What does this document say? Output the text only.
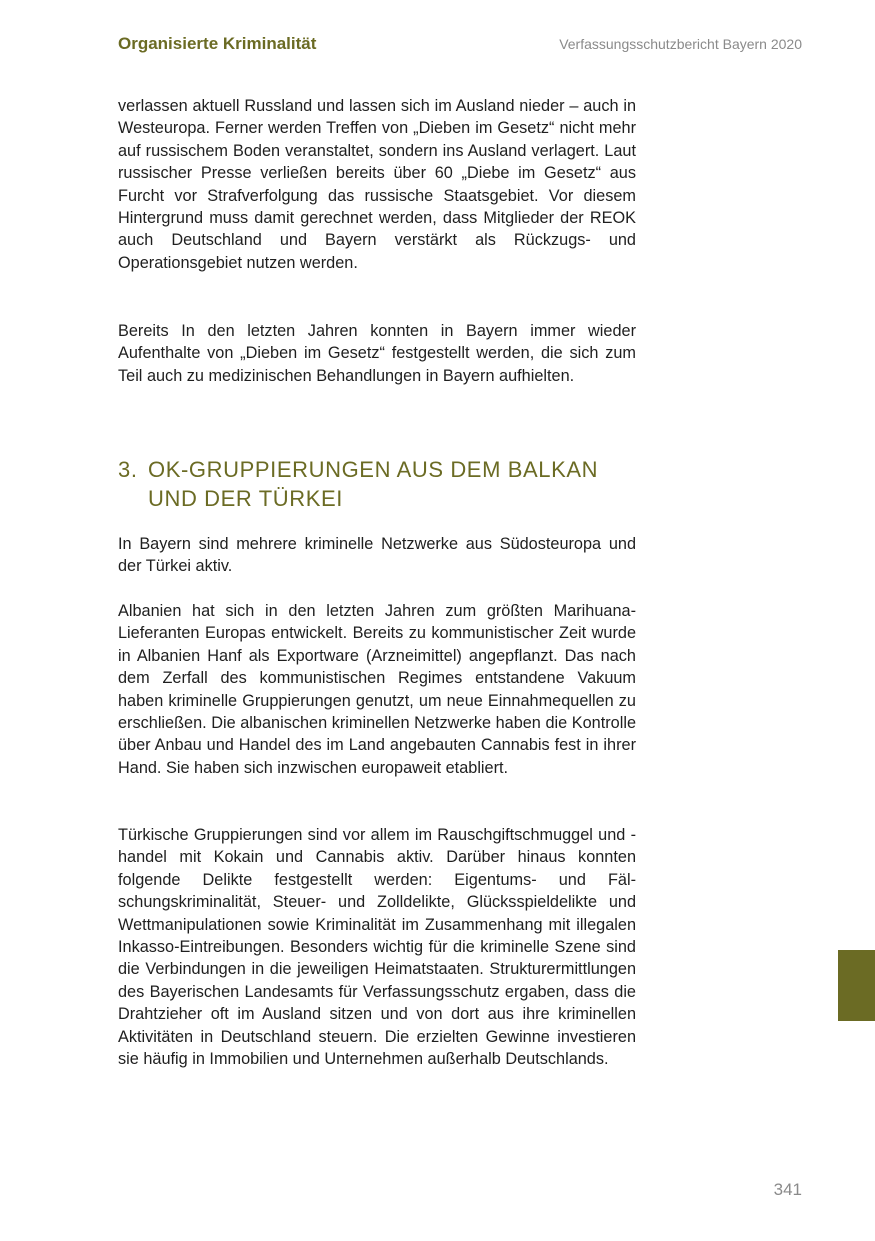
Organisierte Kriminalität	Verfassungsschutzbericht Bayern 2020

verlassen aktuell Russland und lassen sich im Ausland nieder – auch in Westeuropa. Ferner werden Treffen von „Dieben im Gesetz“ nicht mehr auf russischem Boden veranstaltet, sondern ins Ausland verlagert. Laut russischer Presse verließen bereits über 60 „Diebe im Gesetz“ aus Furcht vor Strafverfolgung das russische Staatsgebiet. Vor diesem Hintergrund muss damit gerechnet werden, dass Mitglieder der REOK auch Deutschland und Bayern verstärkt als Rückzugs- und Operationsgebiet nutzen werden.

Bereits In den letzten Jahren konnten in Bayern immer wieder Aufenthalte von „Dieben im Gesetz“ festgestellt werden, die sich zum Teil auch zu medizinischen Behandlungen in Bayern aufhielten.

3. OK-GRUPPIERUNGEN AUS DEM BALKAN
UND DER TÜRKEI

In Bayern sind mehrere kriminelle Netzwerke aus Südosteuropa und der Türkei aktiv.

Albanien hat sich in den letzten Jahren zum größten Marihuana-Lieferanten Europas entwickelt. Bereits zu kommunistischer Zeit wurde in Albanien Hanf als Exportware (Arzneimittel) angepflanzt. Das nach dem Zerfall des kommunistischen Regimes entstandene Vakuum haben kriminelle Gruppierungen genutzt, um neue Einnahmequellen zu erschließen. Die albanischen kriminellen Netzwerke haben die Kontrolle über Anbau und Handel des im Land angebauten Cannabis fest in ihrer Hand. Sie haben sich inzwischen europaweit etabliert.

Türkische Gruppierungen sind vor allem im Rauschgiftschmuggel und -handel mit Kokain und Cannabis aktiv. Darüber hinaus konnten folgende Delikte festgestellt werden: Eigentums- und Fälschungskriminalität, Steuer- und Zolldelikte, Glücksspieldelikte und Wettmanipulationen sowie Kriminalität im Zusammenhang mit illegalen Inkasso-Eintreibungen. Besonders wichtig für die kriminelle Szene sind die Verbindungen in die jeweiligen Heimatstaaten. Strukturermittlungen des Bayerischen Landesamts für Verfassungsschutz ergaben, dass die Drahtzieher oft im Ausland sitzen und von dort aus ihre kriminellen Aktivitäten in Deutschland steuern. Die erzielten Gewinne investieren sie häufig in Immobilien und Unternehmen außerhalb Deutschlands.

341
